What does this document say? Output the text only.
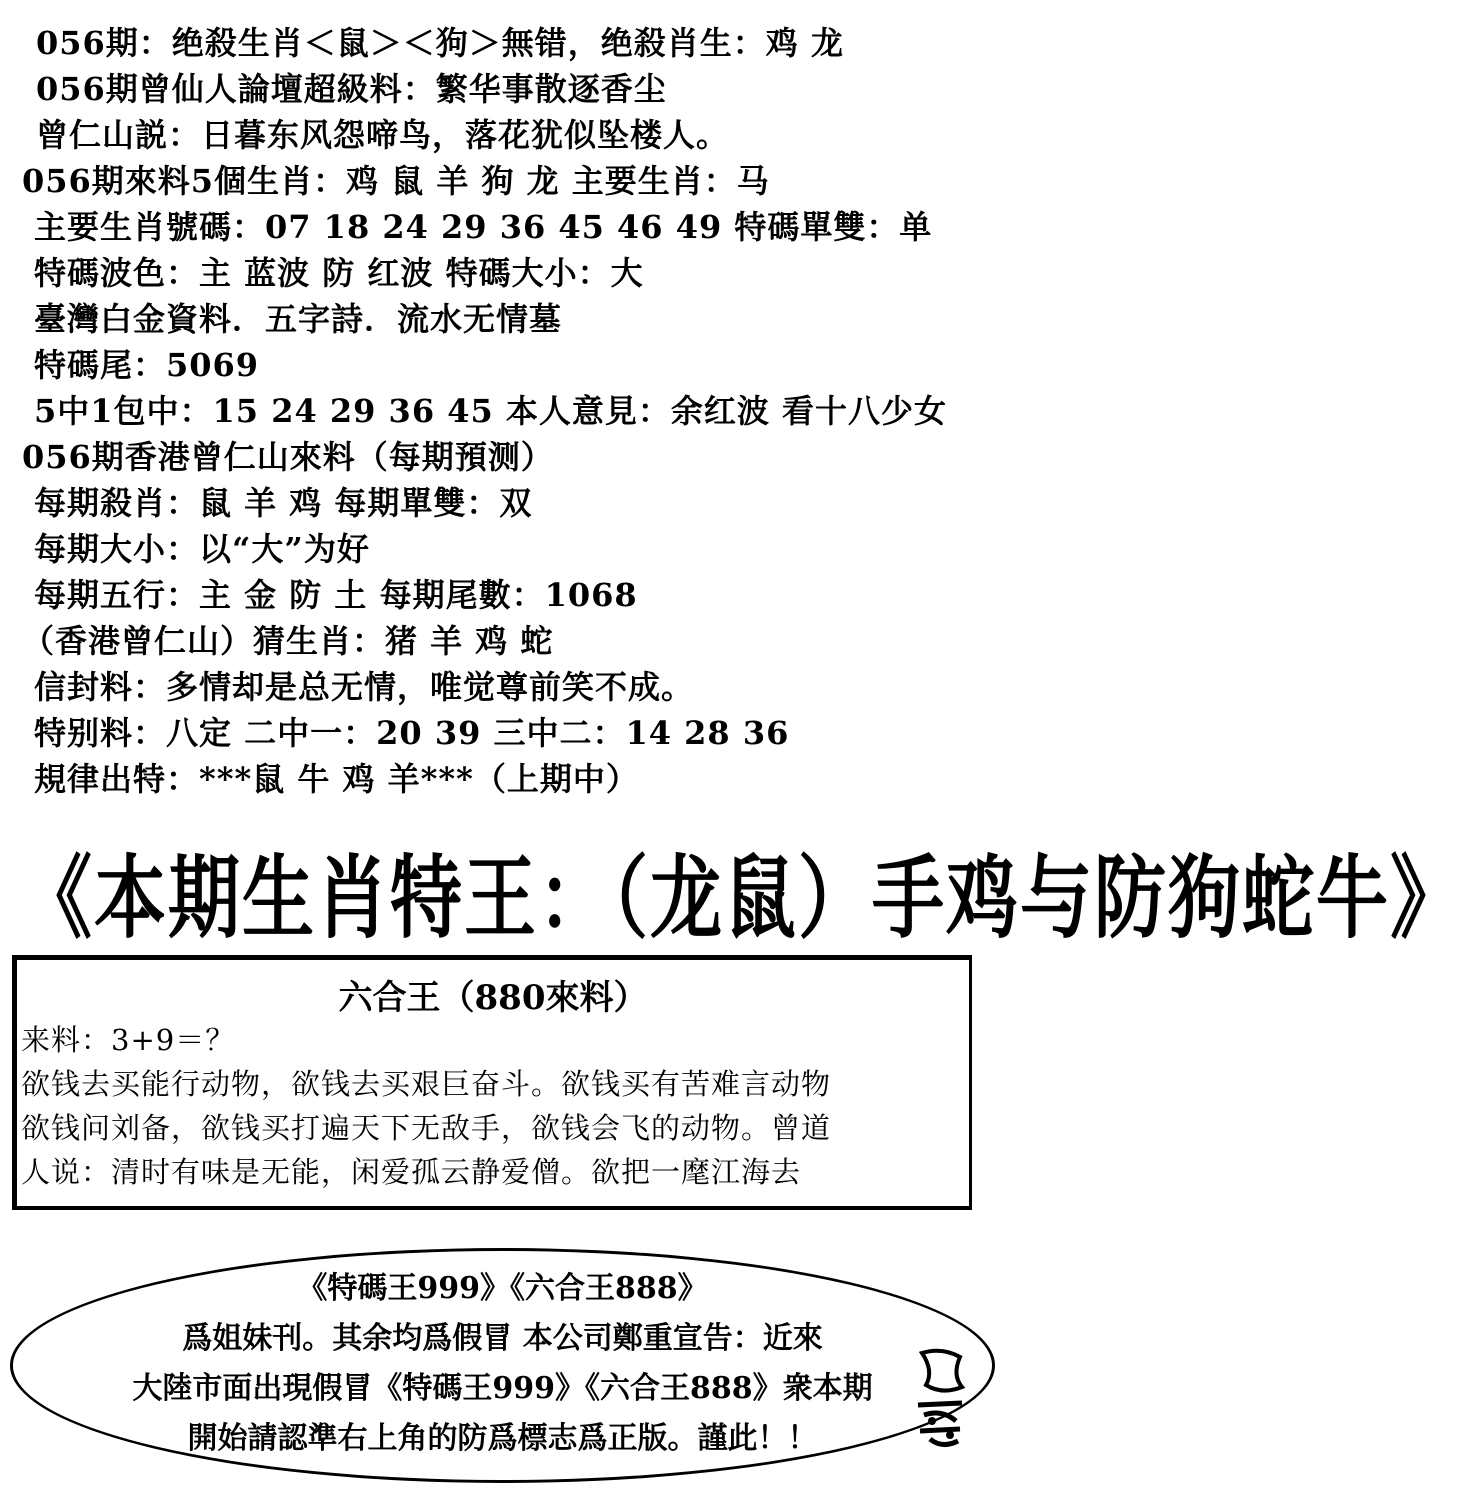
056期：绝殺生肖＜鼠＞＜狗＞無错，绝殺肖生：鸡 龙
056期曾仙人論壇超級料：繁华事散逐香尘
曾仁山説：日暮东风怨啼鸟，落花犹似坠楼人。
056期來料5個生肖：鸡 鼠 羊 狗 龙 主要生肖：马
主要生肖號碼：07 18 24 29 36 45 46 49 特碼單雙：单
特碼波色：主 蓝波 防 红波 特碼大小：大
臺灣白金資料．五字詩．流水无情墓
特碼尾：5069
5中1包中：15 24 29 36 45 本人意見：余红波 看十八少女
056期香港曾仁山來料（每期預测）
每期殺肖：鼠 羊 鸡 每期單雙：双
每期大小：以“大”为好
每期五行：主 金 防 土 每期尾數：1068
（香港曾仁山）猜生肖：猪 羊 鸡 蛇
信封料：多情却是总无情，唯觉尊前笑不成。
特别料：八定 二中一：20 39 三中二：14 28 36
規律出特：***鼠 牛 鸡 羊***（上期中）
《本期生肖特王：（龙鼠）手鸡与防狗蛇牛》
六合王（880來料）
来料：3+9＝？
欲钱去买能行动物，欲钱去买艰巨奋斗。欲钱买有苦难言动物
欲钱问刘备，欲钱买打遍天下无敌手，欲钱会飞的动物。曾道
人说：清时有味是无能，闲爱孤云静爱僧。欲把一麾江海去
《特碼王999》《六合王888》
爲姐妹刊。其余均爲假冒 本公司鄭重宣告：近來
大陸市面出現假冒《特碼王999》《六合王888》衆本期
開始請認準右上角的防爲標志爲正版。謹此！！
